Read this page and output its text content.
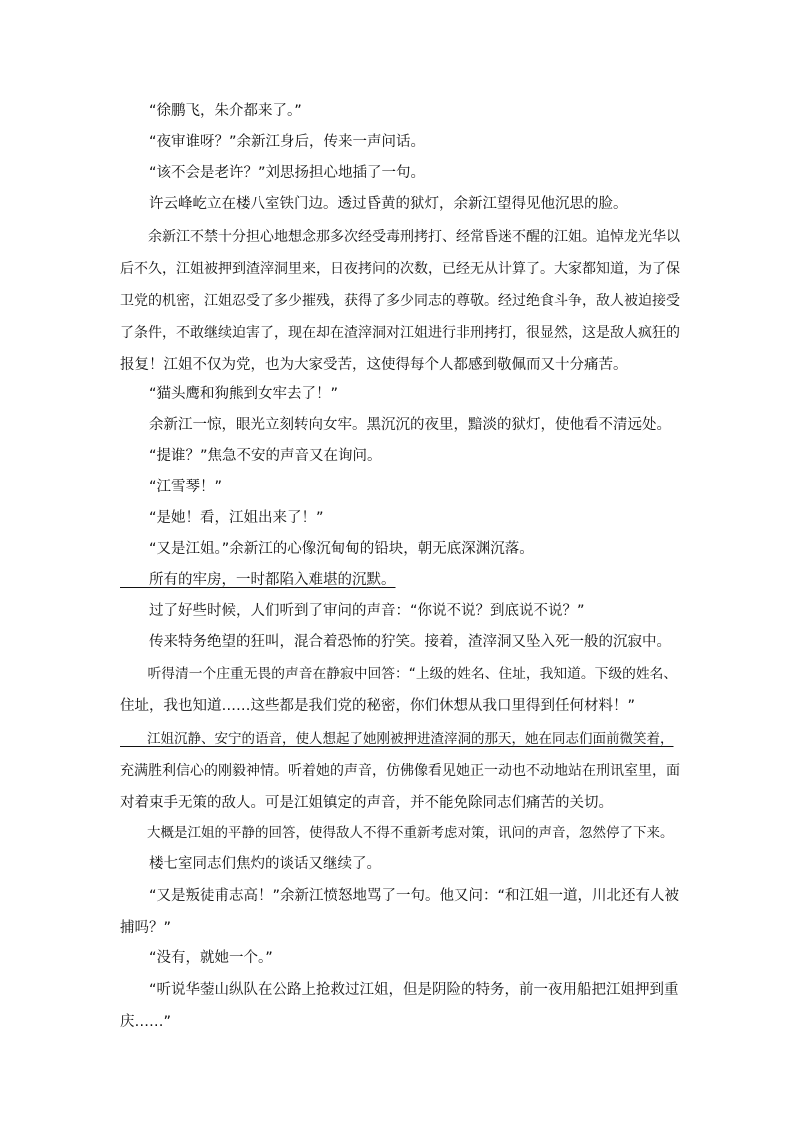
　　“徐鹏飞，朱介都来了。”

　　“夜审谁呀？”余新江身后，传来一声问话。

　　“该不会是老许？”刘思扬担心地插了一句。

　　许云峰屹立在楼八室铁门边。透过昏黄的狱灯，余新江望得见他沉思的脸。

　　余新江不禁十分担心地想念那多次经受毒刑拷打、经常昏迷不醒的江姐。追悼龙光华以

后不久，江姐被押到渣滓洞里来，日夜拷问的次数，已经无从计算了。大家都知道，为了保

卫党的机密，江姐忍受了多少摧残，获得了多少同志的尊敬。经过绝食斗争，敌人被迫接受

了条件，不敢继续迫害了，现在却在渣滓洞对江姐进行非刑拷打，很显然，这是敌人疯狂的

报复！江姐不仅为党，也为大家受苦，这使得每个人都感到敬佩而又十分痛苦。

　　“猫头鹰和狗熊到女牢去了！”

　　余新江一惊，眼光立刻转向女牢。黑沉沉的夜里，黯淡的狱灯，使他看不清远处。

　　“提谁？”焦急不安的声音又在询问。

　　“江雪琴！”

　　“是她！看，江姐出来了！”

　　“又是江姐。”余新江的心像沉甸甸的铅块，朝无底深渊沉落。

　　所有的牢房，一时都陷入难堪的沉默。

　　过了好些时候，人们听到了审问的声音：“你说不说？到底说不说？”

　　传来特务绝望的狂叫，混合着恐怖的狞笑。接着，渣滓洞又坠入死一般的沉寂中。

　　听得清一个庄重无畏的声音在静寂中回答：“上级的姓名、住址，我知道。下级的姓名、

住址，我也知道……这些都是我们党的秘密，你们休想从我口里得到任何材料！”

　　江姐沉静、安宁的语音，使人想起了她刚被押进渣滓洞的那天，她在同志们面前微笑着，

充满胜利信心的刚毅神情。听着她的声音，仿佛像看见她正一动也不动地站在刑讯室里，面

对着束手无策的敌人。可是江姐镇定的声音，并不能免除同志们痛苦的关切。

　　大概是江姐的平静的回答，使得敌人不得不重新考虑对策，讯问的声音，忽然停了下来。

　　楼七室同志们焦灼的谈话又继续了。

　　“又是叛徒甫志高！”余新江愤怒地骂了一句。他又问：“和江姐一道，川北还有人被

捕吗？”

　　“没有，就她一个。”

　　“听说华蓥山纵队在公路上抢救过江姐，但是阴险的特务，前一夜用船把江姐押到重

庆……”
